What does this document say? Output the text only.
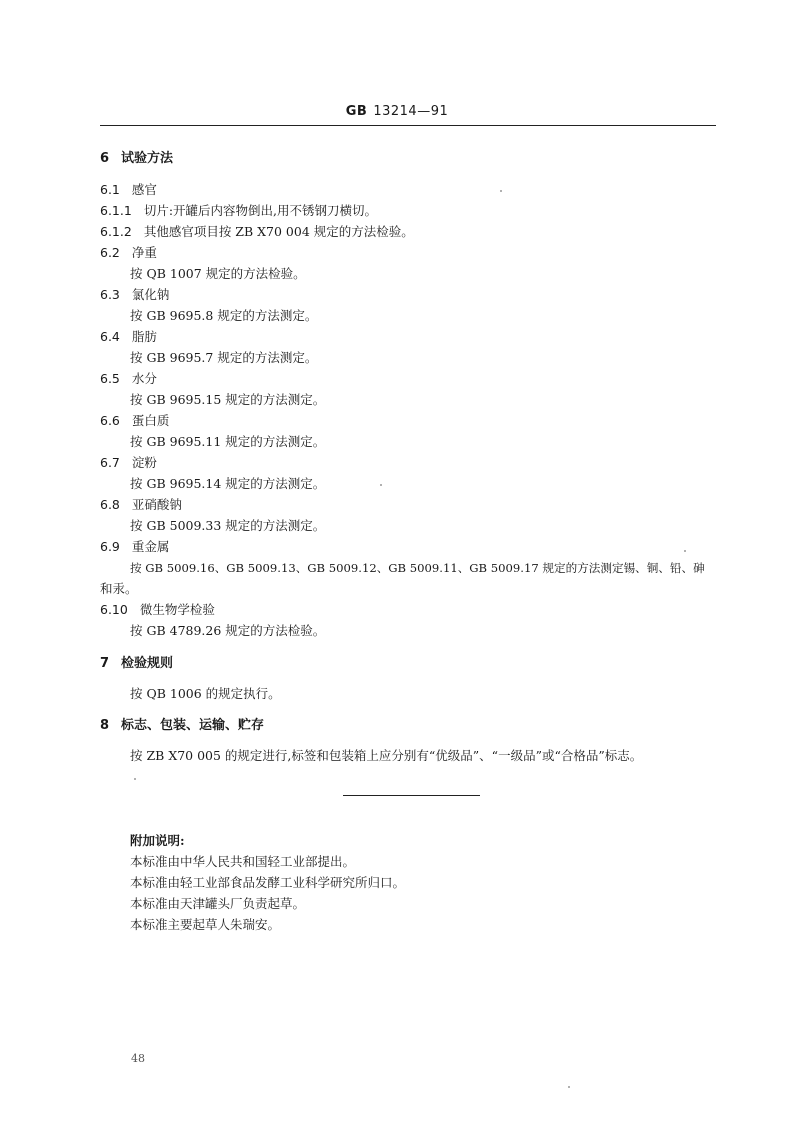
GB 13214—91
6 试验方法
6.1 感官
6.1.1 切片:开罐后内容物倒出,用不锈钢刀横切。
6.1.2 其他感官项目按 ZB X70 004 规定的方法检验。
6.2 净重
按 QB 1007 规定的方法检验。
6.3 氯化钠
按 GB 9695.8 规定的方法测定。
6.4 脂肪
按 GB 9695.7 规定的方法测定。
6.5 水分
按 GB 9695.15 规定的方法测定。
6.6 蛋白质
按 GB 9695.11 规定的方法测定。
6.7 淀粉
按 GB 9695.14 规定的方法测定。
6.8 亚硝酸钠
按 GB 5009.33 规定的方法测定。
6.9 重金属
按 GB 5009.16、GB 5009.13、GB 5009.12、GB 5009.11、GB 5009.17 规定的方法测定锡、铜、铅、砷
和汞。
6.10 微生物学检验
按 GB 4789.26 规定的方法检验。
7 检验规则
按 QB 1006 的规定执行。
8 标志、包装、运输、贮存
按 ZB X70 005 的规定进行,标签和包装箱上应分别有“优级品”、“一级品”或“合格品”标志。
附加说明:
本标准由中华人民共和国轻工业部提出。
本标准由轻工业部食品发酵工业科学研究所归口。
本标准由天津罐头厂负责起草。
本标准主要起草人朱瑞安。
48
